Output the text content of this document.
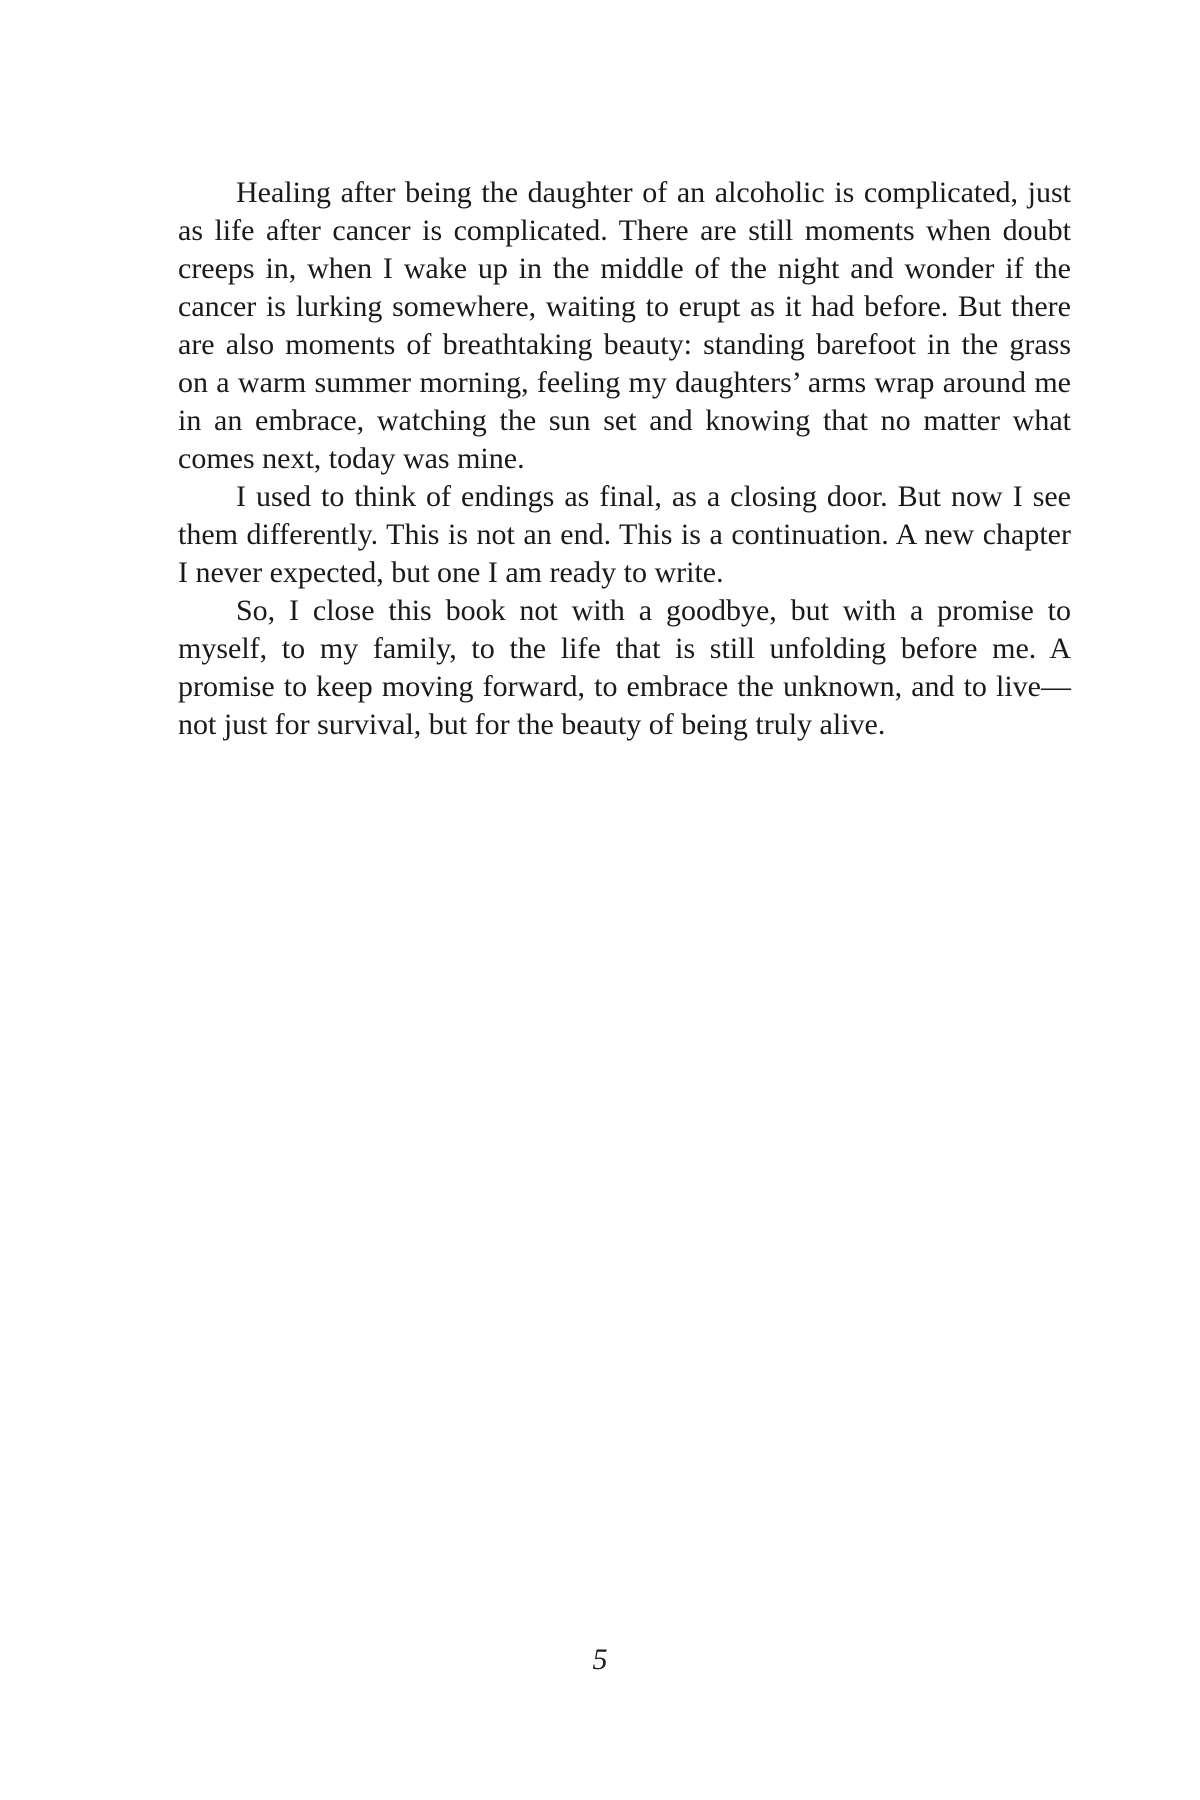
Healing after being the daughter of an alcoholic is complicated, just as life after cancer is complicated. There are still moments when doubt creeps in, when I wake up in the middle of the night and wonder if the cancer is lurking somewhere, waiting to erupt as it had before. But there are also moments of breathtaking beauty: standing barefoot in the grass on a warm summer morning, feeling my daughters’ arms wrap around me in an embrace, watching the sun set and knowing that no matter what comes next, today was mine.

I used to think of endings as final, as a closing door. But now I see them differently. This is not an end. This is a continuation. A new chapter I never expected, but one I am ready to write.

So, I close this book not with a goodbye, but with a promise to myself, to my family, to the life that is still unfolding before me. A promise to keep moving forward, to embrace the unknown, and to live—not just for survival, but for the beauty of being truly alive.

5
